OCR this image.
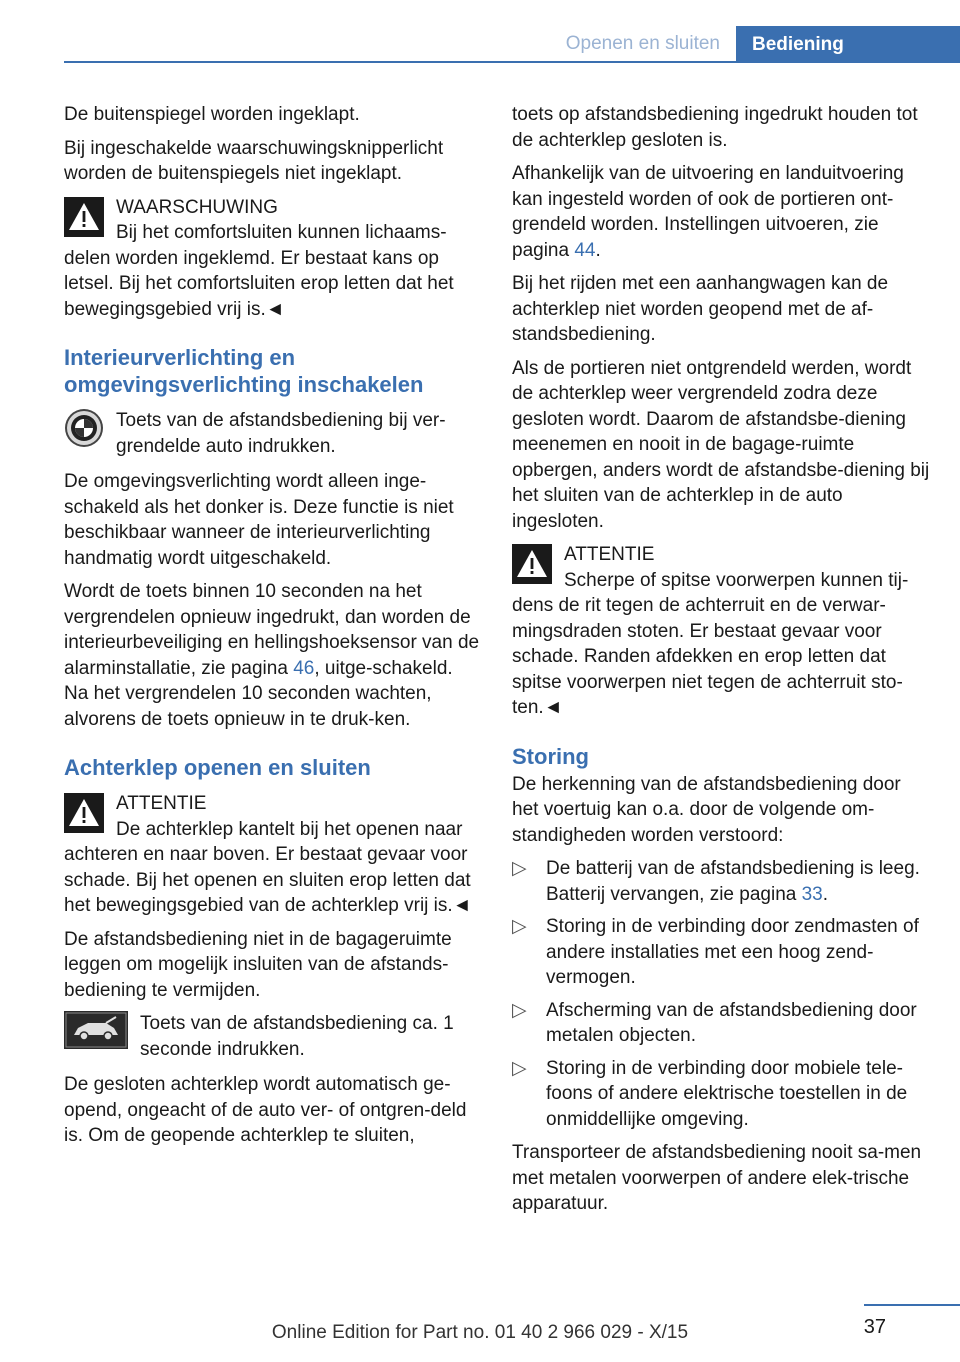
Openen en sluiten	Bediening

De buitenspiegel worden ingeklapt.

Bij ingeschakelde waarschuwingsknipperlicht worden de buitenspiegels niet ingeklapt.

WAARSCHUWING
Bij het comfortsluiten kunnen lichaams-
delen worden ingeklemd. Er bestaat kans op letsel. Bij het comfortsluiten erop letten dat het bewegingsgebied vrij is.◄
Interieurverlichting en omgevingsverlichting inschakelen
Toets van de afstandsbediening bij ver-grendelde auto indrukken.

De omgevingsverlichting wordt alleen inge-schakeld als het donker is. Deze functie is niet beschikbaar wanneer de interieurverlichting handmatig wordt uitgeschakeld.

Wordt de toets binnen 10 seconden na het vergrendelen opnieuw ingedrukt, dan worden de interieurbeveiliging en hellingshoeksensor van de alarminstallatie, zie pagina 46, uitge-schakeld. Na het vergrendelen 10 seconden wachten, alvorens de toets opnieuw in te druk-ken.

Achterklep openen en sluiten
ATTENTIE
De achterklep kantelt bij het openen naar
achteren en naar boven. Er bestaat gevaar voor schade. Bij het openen en sluiten erop letten dat het bewegingsgebied van de achterklep vrij is.◄

De afstandsbediening niet in de bagageruimte leggen om mogelijk insluiten van de afstands-bediening te vermijden.

Toets van de afstandsbediening ca. 1 seconde indrukken.

De gesloten achterklep wordt automatisch ge-opend, ongeacht of de auto ver- of ontgren-deld is. Om de geopende achterklep te sluiten,

toets op afstandsbediening ingedrukt houden tot de achterklep gesloten is.

Afhankelijk van de uitvoering en landuitvoering kan ingesteld worden of ook de portieren ont-grendeld worden. Instellingen uitvoeren, zie pagina 44.

Bij het rijden met een aanhangwagen kan de achterklep niet worden geopend met de af-standsbediening.

Als de portieren niet ontgrendeld werden, wordt de achterklep weer vergrendeld zodra deze gesloten wordt. Daarom de afstandsbe-diening meenemen en nooit in de bagage-ruimte opbergen, anders wordt de afstandsbe-diening bij het sluiten van de achterklep in de auto ingesloten.

ATTENTIE
Scherpe of spitse voorwerpen kunnen tij-
dens de rit tegen de achterruit en de verwar-mingsdraden stoten. Er bestaat gevaar voor schade. Randen afdekken en erop letten dat spitse voorwerpen niet tegen de achterruit sto-ten.◄
Storing

De herkenning van de afstandsbediening door het voertuig kan o.a. door de volgende om-standigheden worden verstoord:

▷ De batterij van de afstandsbediening is leeg. Batterij vervangen, zie pagina 33.
▷ Storing in de verbinding door zendmasten of andere installaties met een hoog zend-vermogen.
▷ Afscherming van de afstandsbediening door metalen objecten.
▷ Storing in de verbinding door mobiele tele-foons of andere elektrische toestellen in de onmiddellijke omgeving.

Transporteer de afstandsbediening nooit sa-men met metalen voorwerpen of andere elek-trische apparatuur.

37
Online Edition for Part no. 01 40 2 966 029 - X/15
